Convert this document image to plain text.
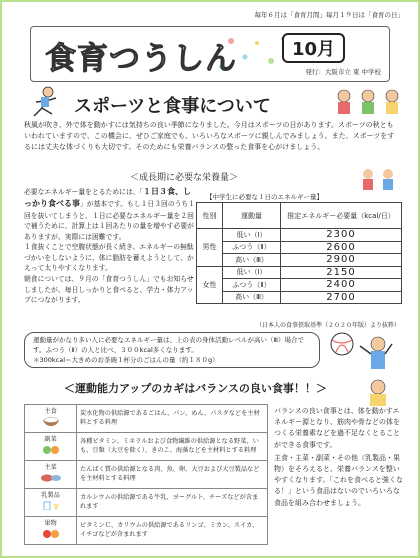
毎年６月は「食育月間」毎月１９日は「食育の日」
食育つうしん	10月
発行：大阪市立 東 中学校
スポーツと食事について
秋風が吹き、外で体を動かすには気持ちの良い季節になりました。今月はスポーツの日があります。スポーツの秋ともいわれていますので、この機会に、ぜひご家庭でも、いろいろなスポーツに親しんでみましょう。また、スポーツをするには丈夫な体づくりも大切です。そのためにも栄養バランスの整った食事を心がけましょう。
＜成長期に必要な栄養量＞

必要なエネルギー量をとるためには、「１日３食、しっかり食べる事」が基本です。もし１日３回のうち１回を抜いてしまうと、１日に必要なエネルギー量を２回で補うために、計算上は１回あたりの量を増やす必要がありますが、実際には困難です。

１食抜くことで空腹状態が長く続き、エネルギーの無駄づかいをしないように、体に脂肪を蓄えようとして、かえって太りやすくなります。

朝食については、９月の「食育つうしん」でもお知らせしましたが、毎日しっかりと食べると、学力・体力アップにつながります。

【中学生に必要な１日のエネルギー量】
性別	運動量	推定エネルギー必要量（kcal/日）
男性	低い（Ⅰ）	2300
	ふつう（Ⅱ）	2600
	高い（Ⅲ）	2900
女性	低い（Ⅰ）	2150
	ふつう（Ⅱ）	2400
	高い（Ⅲ）	2700
（日本人の食事摂取基準（２０２０年版）より抜粋）

運動量がかなり多い人に必要なエネルギー量は、上の表の身体活動レベルが高い（Ⅲ）場合です。ふつう（Ⅱ）の人と比べ、３００kcal多くなります。

＊300kcal＝大きめのお茶碗１杯分のごはんの量（約１８０g）

＜運動能力アップのカギはバランスの良い食事！！＞
主食	炭水化物の供給源であるごはん、パン、めん、パスタなどを主材料とする料理

副菜	各種ビタミン、ミネラルおよび食物繊維の供給源となる野菜、いも、豆類（大豆を除く）、きのこ、海藻などを主材料とする料理

主菜	たんぱく質の供給源となる肉、魚、卵、大豆および大豆製品などを主材料とする料理

乳製品	カルシウムの供給源である牛乳、ヨーグルト、チーズなどが含まれます

果物	ビタミンＣ、カリウムの供給源であるリンゴ、ミカン、スイカ、イチゴなどが含まれます

バランスの良い食事とは、体を動かすエネルギー源となり、筋肉や骨などの体をつくる栄養素などを過不足なくとることができる食事です。

主食・主菜・副菜・その他（乳製品・果物）をそろえると、栄養バランスを整いやすくなります。「これを食べると強くなる！」という食品はないのでいろいろな食品を組み合わせましょう。
